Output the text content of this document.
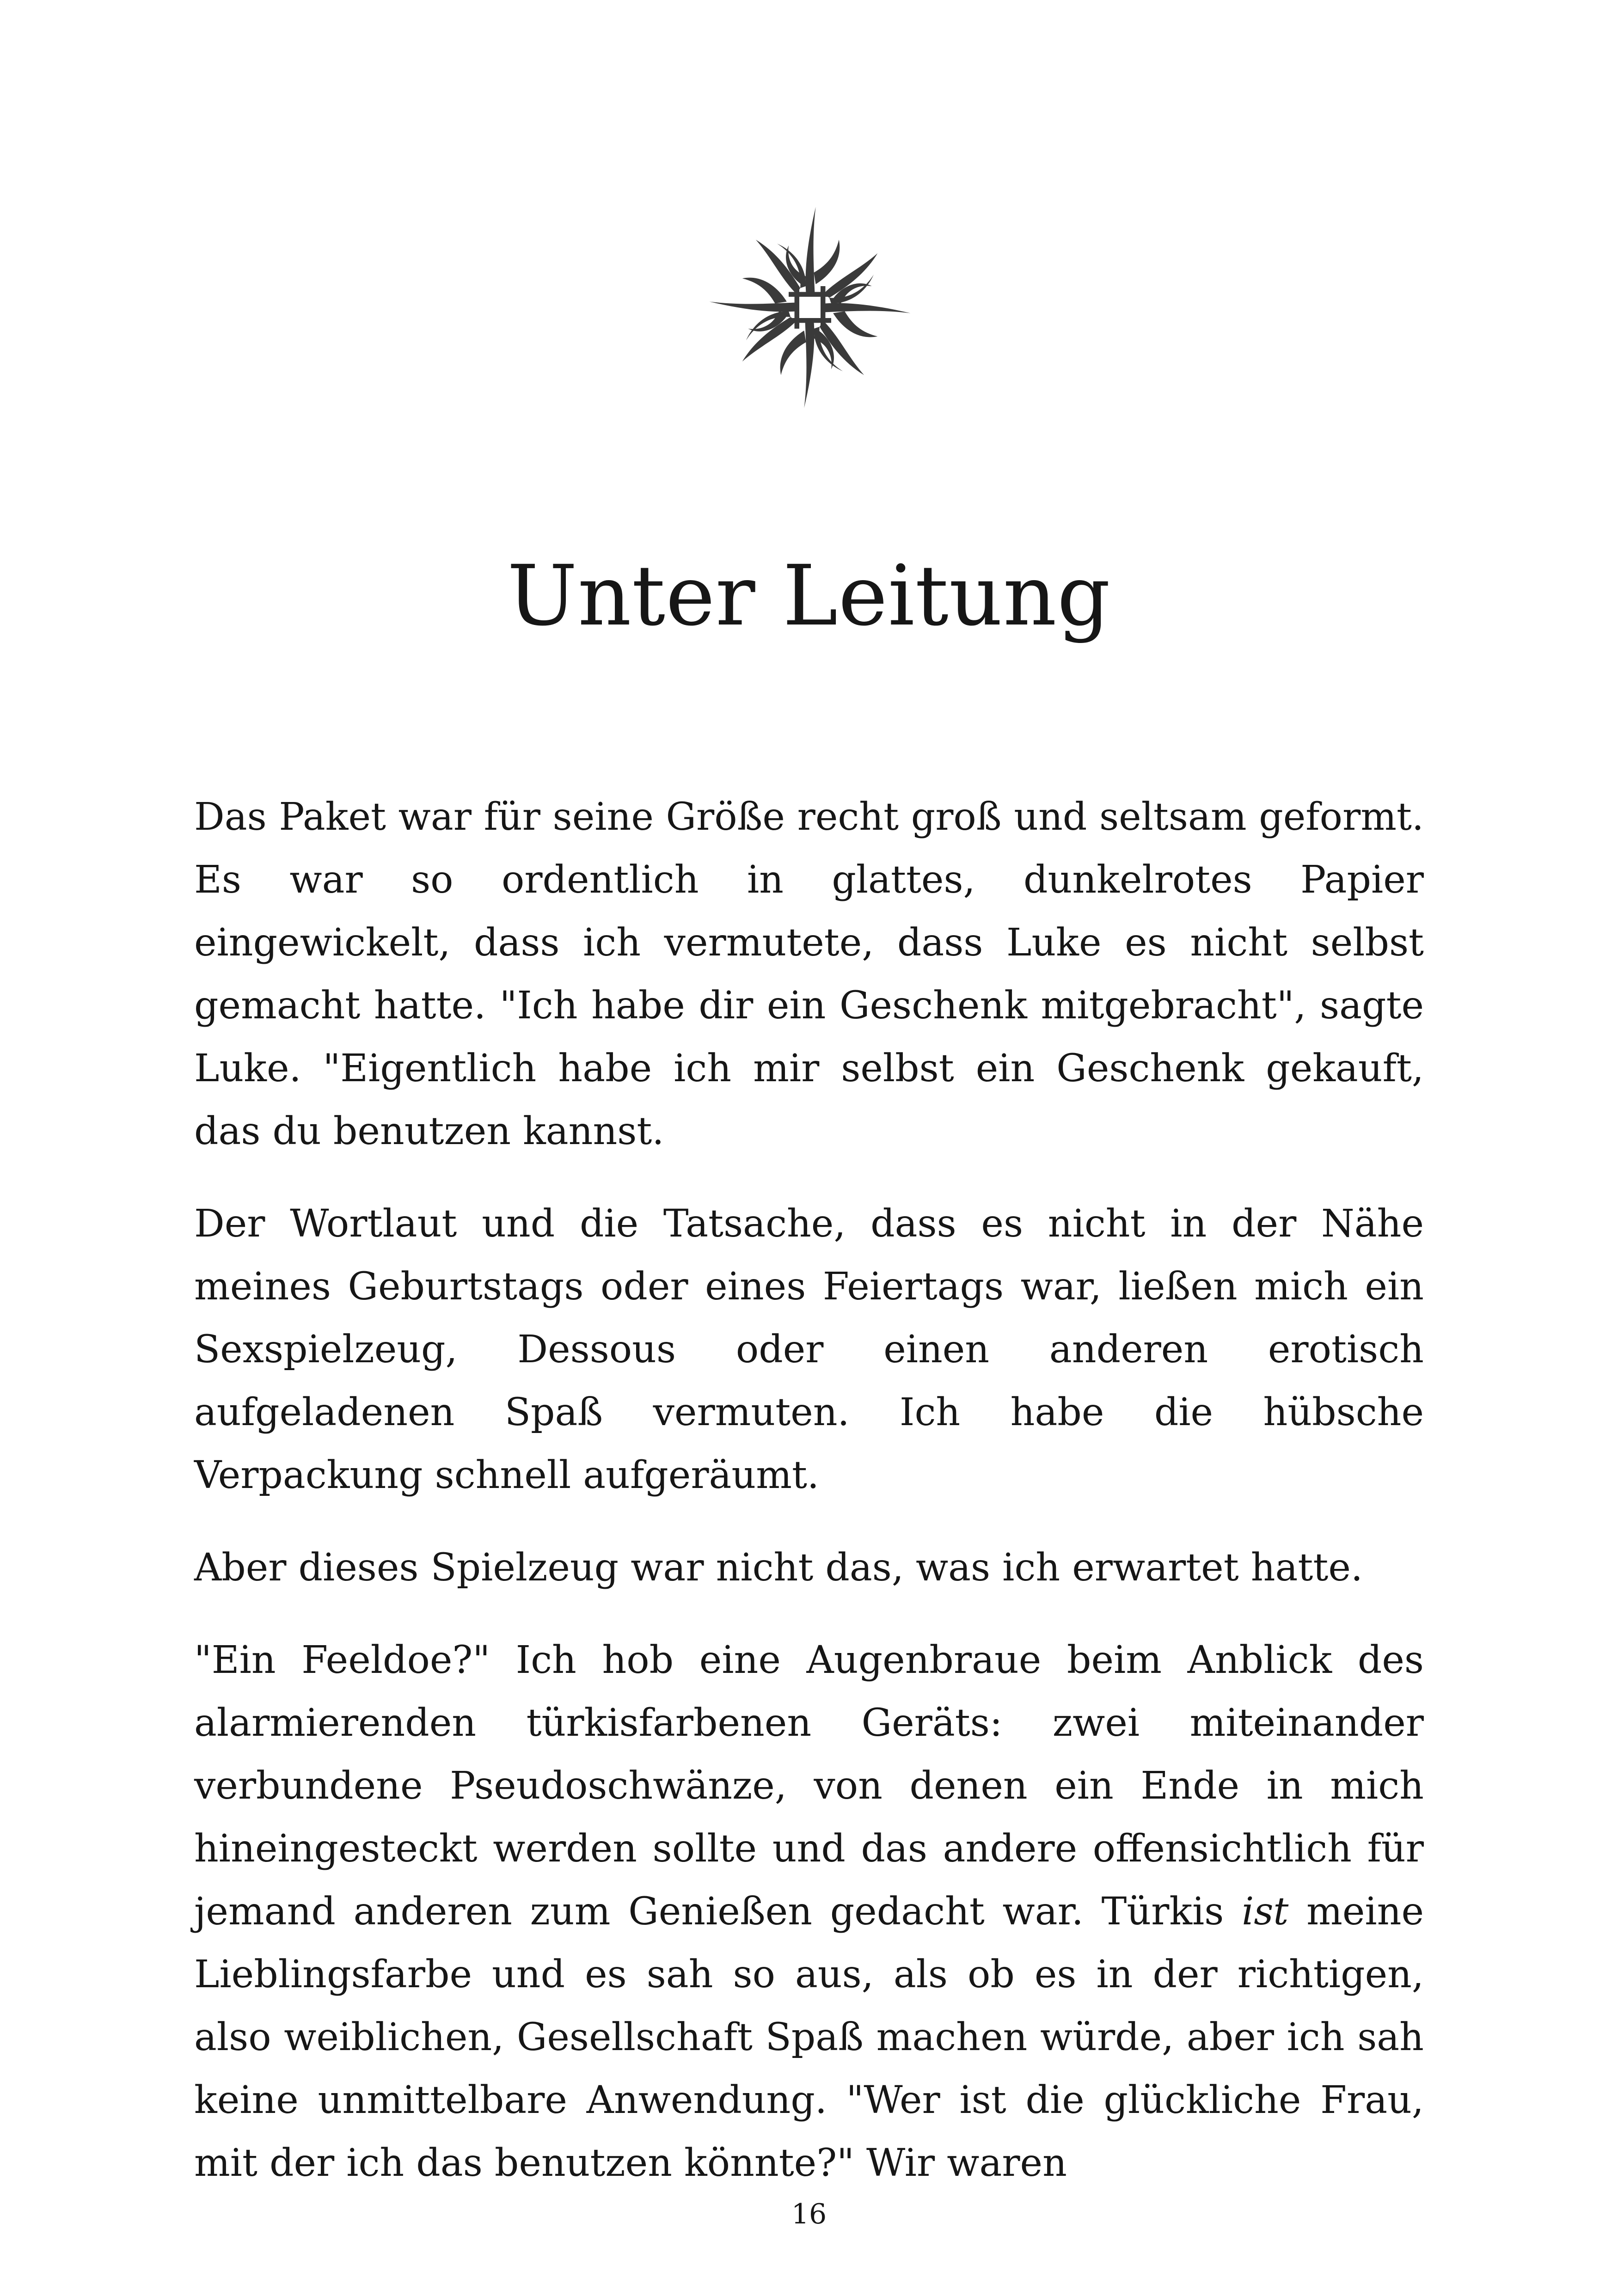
Unter Leitung

Das Paket war für seine Größe recht groß und seltsam geformt. Es war so ordentlich in glattes, dunkelrotes Papier eingewickelt, dass ich vermutete, dass Luke es nicht selbst gemacht hatte. "Ich habe dir ein Geschenk mitgebracht", sagte Luke. "Eigentlich habe ich mir selbst ein Geschenk gekauft, das du benutzen kannst.

Der Wortlaut und die Tatsache, dass es nicht in der Nähe meines Geburtstags oder eines Feiertags war, ließen mich ein Sexspielzeug, Dessous oder einen anderen erotisch aufgeladenen Spaß vermuten. Ich habe die hübsche Verpackung schnell aufgeräumt.

Aber dieses Spielzeug war nicht das, was ich erwartet hatte.

"Ein Feeldoe?" Ich hob eine Augenbraue beim Anblick des alarmierenden türkisfarbenen Geräts: zwei miteinander verbundene Pseudoschwänze, von denen ein Ende in mich hineingesteckt werden sollte und das andere offensichtlich für jemand anderen zum Genießen gedacht war. Türkis ist meine Lieblingsfarbe und es sah so aus, als ob es in der richtigen, also weiblichen, Gesellschaft Spaß machen würde, aber ich sah keine unmittelbare Anwendung. "Wer ist die glückliche Frau, mit der ich das benutzen könnte?" Wir waren

16
